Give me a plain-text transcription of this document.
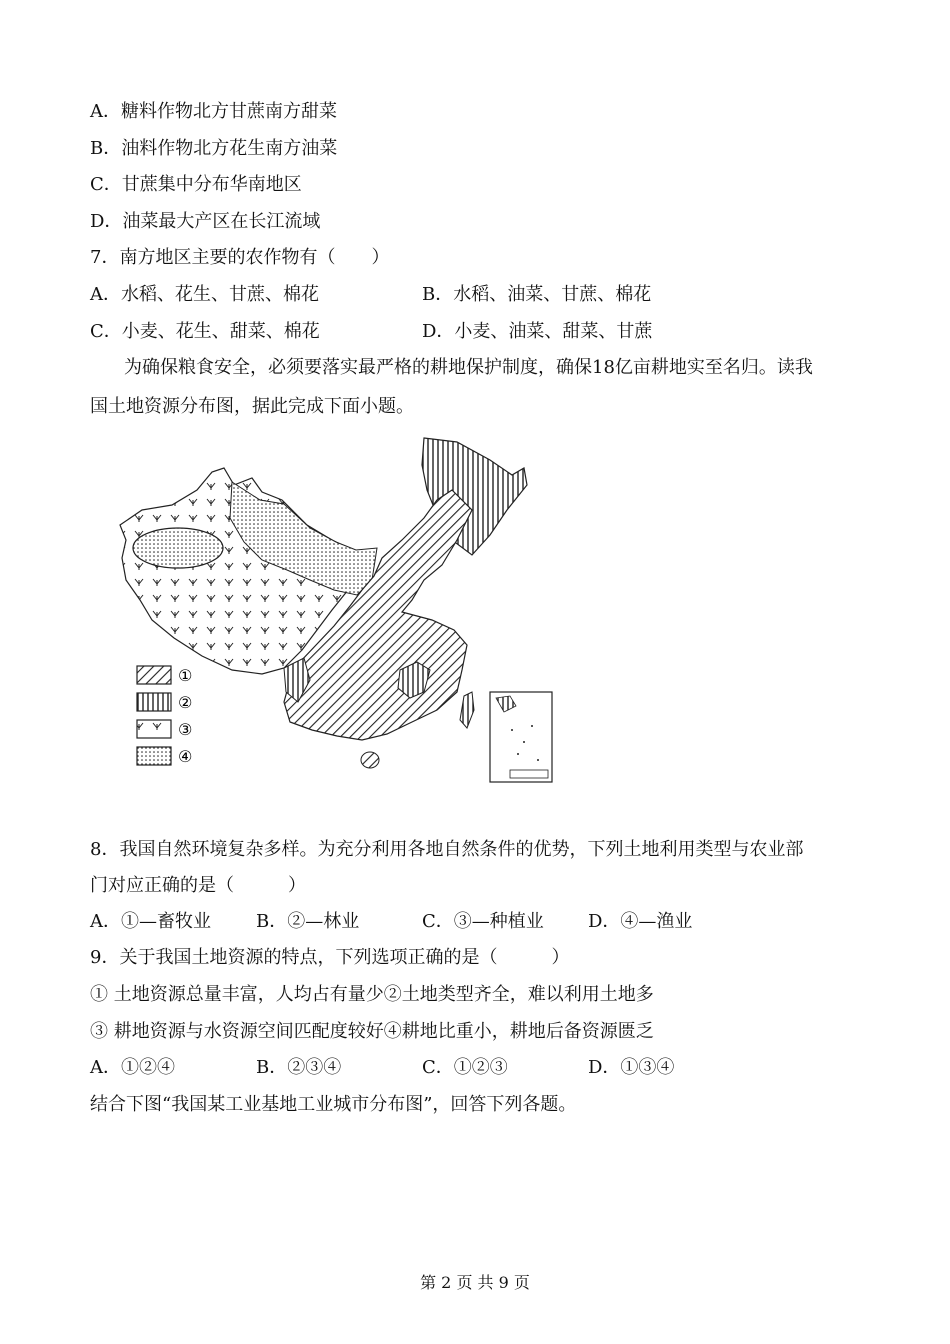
A．糖料作物北方甘蔗南方甜菜
B．油料作物北方花生南方油菜
C．甘蔗集中分布华南地区
D．油菜最大产区在长江流域
7．南方地区主要的农作物有（　　）
A．水稻、花生、甘蔗、棉花	B．水稻、油菜、甘蔗、棉花
C．小麦、花生、甜菜、棉花	D．小麦、油菜、甜菜、甘蔗
为确保粮食安全，必须要落实最严格的耕地保护制度，确保18亿亩耕地实至名归。读我
国土地资源分布图，据此完成下面小题。
①
②
③
④
8．我国自然环境复杂多样。为充分利用各地自然条件的优势，下列土地利用类型与农业部
门对应正确的是（　　　）
A．①—畜牧业	B．②—林业	C．③—种植业 D．④—渔业
9．关于我国土地资源的特点，下列选项正确的是（　　　）
① 土地资源总量丰富，人均占有量少②土地类型齐全，难以利用土地多
③ 耕地资源与水资源空间匹配度较好④耕地比重小，耕地后备资源匮乏
A．①②④	B．②③④	C．①②③	D．①③④
结合下图“我国某工业基地工业城市分布图”，回答下列各题。
第 2 页 共 9 页
